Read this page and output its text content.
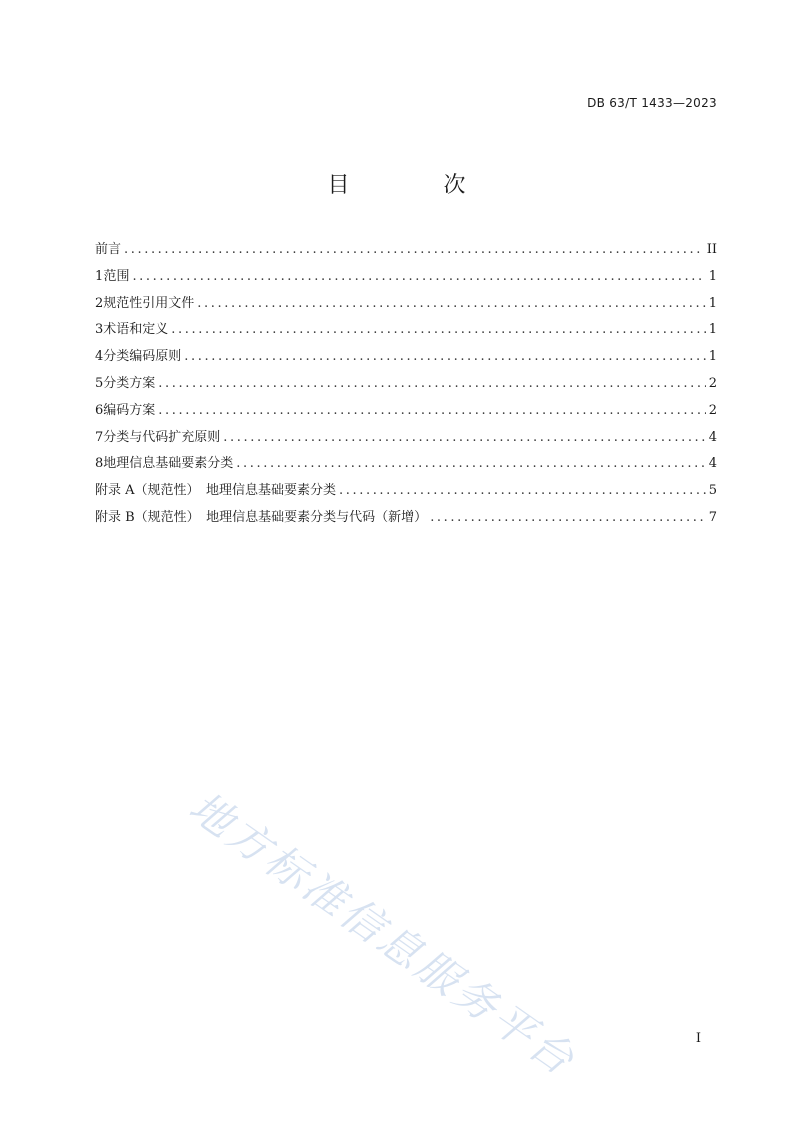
DB 63/T 1433—2023
目　次
前言 .....	II
1 范围 .....	1
2 规范性引用文件 .....	1
3 术语和定义 .....	1
4 分类编码原则 .....	1
5 分类方案 .....	2
6 编码方案 .....	2
7 分类与代码扩充原则 .....	4
8 地理信息基础要素分类 .....	4
附录 A（规范性）　地理信息基础要素分类 .....	5
附录 B（规范性）　地理信息基础要素分类与代码（新增） .....	7
地方标准信息服务平台	I
